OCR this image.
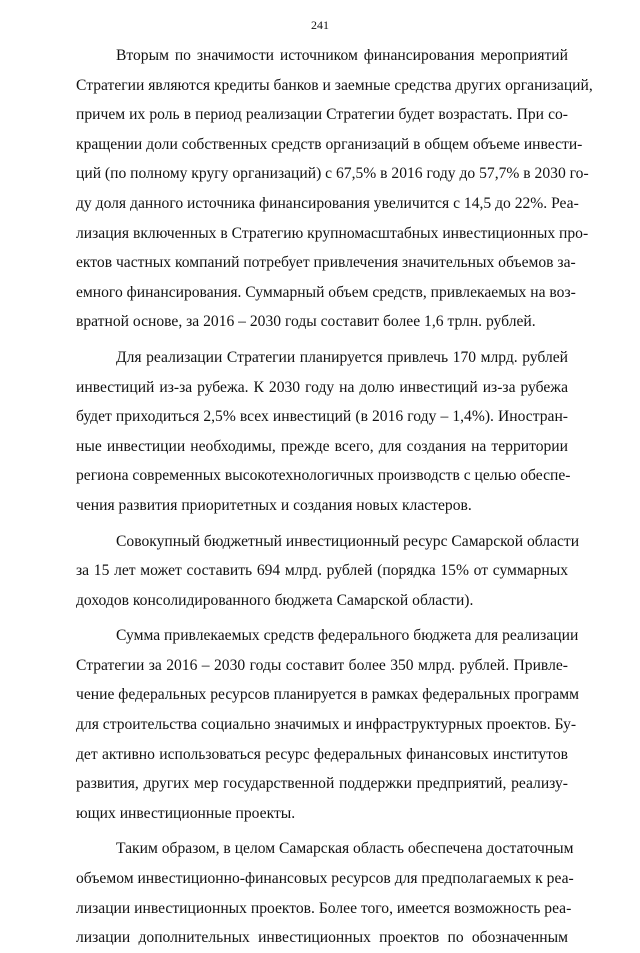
241
Вторым по значимости источником финансирования мероприятий
Стратегии являются кредиты банков и заемные средства других организаций,
причем их роль в период реализации Стратегии будет возрастать. При со-
кращении доли собственных средств организаций в общем объеме инвести-
ций (по полному кругу организаций) с 67,5% в 2016 году до 57,7% в 2030 го-
ду доля данного источника финансирования увеличится с 14,5 до 22%. Реа-
лизация включенных в Стратегию крупномасштабных инвестиционных про-
ектов частных компаний потребует привлечения значительных объемов за-
емного финансирования. Суммарный объем средств, привлекаемых на воз-
вратной основе, за 2016 – 2030 годы составит более 1,6 трлн. рублей.
Для реализации Стратегии планируется привлечь 170 млрд. рублей
инвестиций из-за рубежа. К 2030 году на долю инвестиций из-за рубежа
будет приходиться 2,5% всех инвестиций (в 2016 году – 1,4%). Иностран-
ные инвестиции необходимы, прежде всего, для создания на территории
региона современных высокотехнологичных производств с целью обеспе-
чения развития приоритетных и создания новых кластеров.
Совокупный бюджетный инвестиционный ресурс Самарской области
за 15 лет может составить 694 млрд. рублей (порядка 15% от суммарных
доходов консолидированного бюджета Самарской области).
Сумма привлекаемых средств федерального бюджета для реализации
Стратегии за 2016 – 2030 годы составит более 350 млрд. рублей. Привле-
чение федеральных ресурсов планируется в рамках федеральных программ
для строительства социально значимых и инфраструктурных проектов. Бу-
дет активно использоваться ресурс федеральных финансовых институтов
развития, других мер государственной поддержки предприятий, реализу-
ющих инвестиционные проекты.
Таким образом, в целом Самарская область обеспечена достаточным
объемом инвестиционно-финансовых ресурсов для предполагаемых к реа-
лизации инвестиционных проектов. Более того, имеется возможность реа-
лизации дополнительных инвестиционных проектов по обозначенным
